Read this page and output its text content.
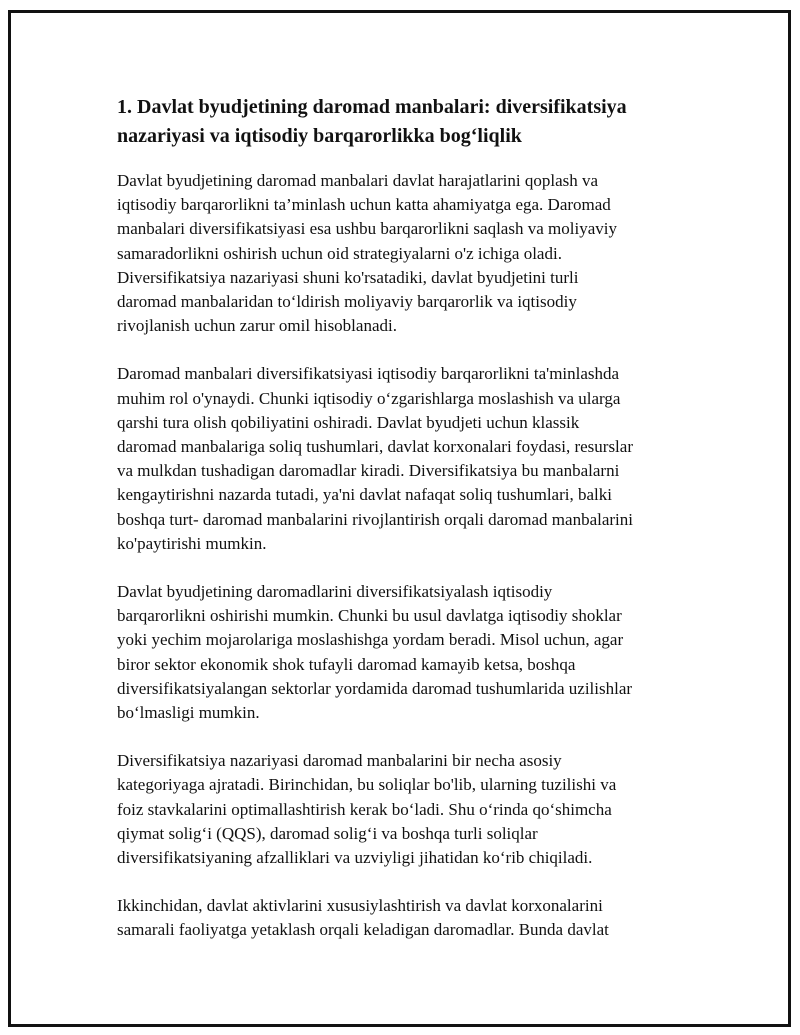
1. Davlat byudjetining daromad manbalari: diversifikatsiya
nazariyasi va iqtisodiy barqarorlikka bog‘liqlik
Davlat byudjetining daromad manbalari davlat harajatlarini qoplash va
iqtisodiy barqarorlikni ta’minlash uchun katta ahamiyatga ega. Daromad
manbalari diversifikatsiyasi esa ushbu barqarorlikni saqlash va moliyaviy
samaradorlikni oshirish uchun oid strategiyalarni o'z ichiga oladi.
Diversifikatsiya nazariyasi shuni ko'rsatadiki, davlat byudjetini turli
daromad manbalaridan to‘ldirish moliyaviy barqarorlik va iqtisodiy
rivojlanish uchun zarur omil hisoblanadi.
Daromad manbalari diversifikatsiyasi iqtisodiy barqarorlikni ta'minlashda
muhim rol o'ynaydi. Chunki iqtisodiy o‘zgarishlarga moslashish va ularga
qarshi tura olish qobiliyatini oshiradi. Davlat byudjeti uchun klassik
daromad manbalariga soliq tushumlari, davlat korxonalari foydasi, resurslar
va mulkdan tushadigan daromadlar kiradi. Diversifikatsiya bu manbalarni
kengaytirishni nazarda tutadi, ya'ni davlat nafaqat soliq tushumlari, balki
boshqa turt- daromad manbalarini rivojlantirish orqali daromad manbalarini
ko'paytirishi mumkin.
Davlat byudjetining daromadlarini diversifikatsiyalash iqtisodiy
barqarorlikni oshirishi mumkin. Chunki bu usul davlatga iqtisodiy shoklar
yoki yechim mojarolariga moslashishga yordam beradi. Misol uchun, agar
biror sektor ekonomik shok tufayli daromad kamayib ketsa, boshqa
diversifikatsiyalangan sektorlar yordamida daromad tushumlarida uzilishlar
bo‘lmasligi mumkin.
Diversifikatsiya nazariyasi daromad manbalarini bir necha asosiy
kategoriyaga ajratadi. Birinchidan, bu soliqlar bo'lib, ularning tuzilishi va
foiz stavkalarini optimallashtirish kerak bo‘ladi. Shu o‘rinda qo‘shimcha
qiymat solig‘i (QQS), daromad solig‘i va boshqa turli soliqlar
diversifikatsiyaning afzalliklari va uzviyligi jihatidan ko‘rib chiqiladi.
Ikkinchidan, davlat aktivlarini xususiylashtirish va davlat korxonalarini
samarali faoliyatga yetaklash orqali keladigan daromadlar. Bunda davlat
